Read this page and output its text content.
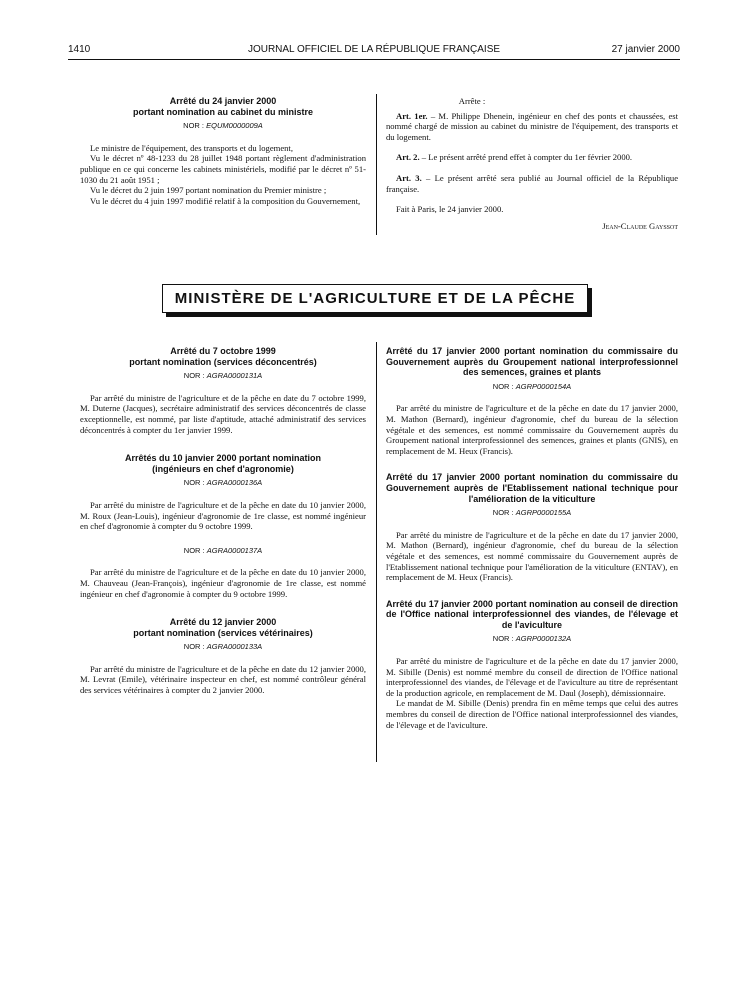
1410	JOURNAL OFFICIEL DE LA RÉPUBLIQUE FRANÇAISE	27 janvier 2000
Arrêté du 24 janvier 2000
portant nomination au cabinet du ministre
NOR : EQUM0000009A

Le ministre de l'équipement, des transports et du logement,

Vu le décret nº 48-1233 du 28 juillet 1948 portant règlement d'administration publique en ce qui concerne les cabinets ministériels, modifié par le décret nº 51-1030 du 21 août 1951 ;

Vu le décret du 2 juin 1997 portant nomination du Premier ministre ;

Vu le décret du 4 juin 1997 modifié relatif à la composition du Gouvernement,

Arrête :

Art. 1er. – M. Philippe Dhenein, ingénieur en chef des ponts et chaussées, est nommé chargé de mission au cabinet du ministre de l'équipement, des transports et du logement.

Art. 2. – Le présent arrêté prend effet à compter du 1er février 2000.

Art. 3. – Le présent arrêté sera publié au Journal officiel de la République française.

Fait à Paris, le 24 janvier 2000.

Jean-Claude Gayssot

MINISTÈRE DE L'AGRICULTURE ET DE LA PÊCHE
Arrêté du 7 octobre 1999
portant nomination (services déconcentrés)
NOR : AGRA0000131A

Par arrêté du ministre de l'agriculture et de la pêche en date du 7 octobre 1999, M. Duterne (Jacques), secrétaire administratif des services déconcentrés de classe exceptionnelle, est nommé, par liste d'aptitude, attaché administratif des services déconcentrés à compter du 1er janvier 1999.

Arrêtés du 10 janvier 2000 portant nomination
(ingénieurs en chef d'agronomie)
NOR : AGRA0000136A

Par arrêté du ministre de l'agriculture et de la pêche en date du 10 janvier 2000, M. Roux (Jean-Louis), ingénieur d'agronomie de 1re classe, est nommé ingénieur en chef d'agronomie à compter du 9 octobre 1999.

NOR : AGRA0000137A

Par arrêté du ministre de l'agriculture et de la pêche en date du 10 janvier 2000, M. Chauveau (Jean-François), ingénieur d'agronomie de 1re classe, est nommé ingénieur en chef d'agronomie à compter du 9 octobre 1999.

Arrêté du 12 janvier 2000
portant nomination (services vétérinaires)
NOR : AGRA0000133A

Par arrêté du ministre de l'agriculture et de la pêche en date du 12 janvier 2000, M. Levrat (Emile), vétérinaire inspecteur en chef, est nommé contrôleur général des services vétérinaires à compter du 2 janvier 2000.

Arrêté du 17 janvier 2000 portant nomination du commissaire du Gouvernement auprès du Groupement national interprofessionnel des semences, graines et plants
NOR : AGRP0000154A

Par arrêté du ministre de l'agriculture et de la pêche en date du 17 janvier 2000, M. Mathon (Bernard), ingénieur d'agronomie, chef du bureau de la sélection végétale et des semences, est nommé commissaire du Gouvernement auprès du Groupement national interprofessionnel des semences, graines et plants (GNIS), en remplacement de M. Heux (Francis).

Arrêté du 17 janvier 2000 portant nomination du commissaire du Gouvernement auprès de l'Etablissement national technique pour l'amélioration de la viticulture
NOR : AGRP0000155A

Par arrêté du ministre de l'agriculture et de la pêche en date du 17 janvier 2000, M. Mathon (Bernard), ingénieur d'agronomie, chef du bureau de la sélection végétale et des semences, est nommé commissaire du Gouvernement auprès de l'Etablissement national technique pour l'amélioration de la viticulture (ENTAV), en remplacement de M. Heux (Francis).

Arrêté du 17 janvier 2000 portant nomination au conseil de direction de l'Office national interprofessionnel des viandes, de l'élevage et de l'aviculture
NOR : AGRP0000132A

Par arrêté du ministre de l'agriculture et de la pêche en date du 17 janvier 2000, M. Sibille (Denis) est nommé membre du conseil de direction de l'Office national interprofessionnel des viandes, de l'élevage et de l'aviculture au titre de représentant de la production agricole, en remplacement de M. Daul (Joseph), démissionnaire.

Le mandat de M. Sibille (Denis) prendra fin en même temps que celui des autres membres du conseil de direction de l'Office national interprofessionnel des viandes, de l'élevage et de l'aviculture.
